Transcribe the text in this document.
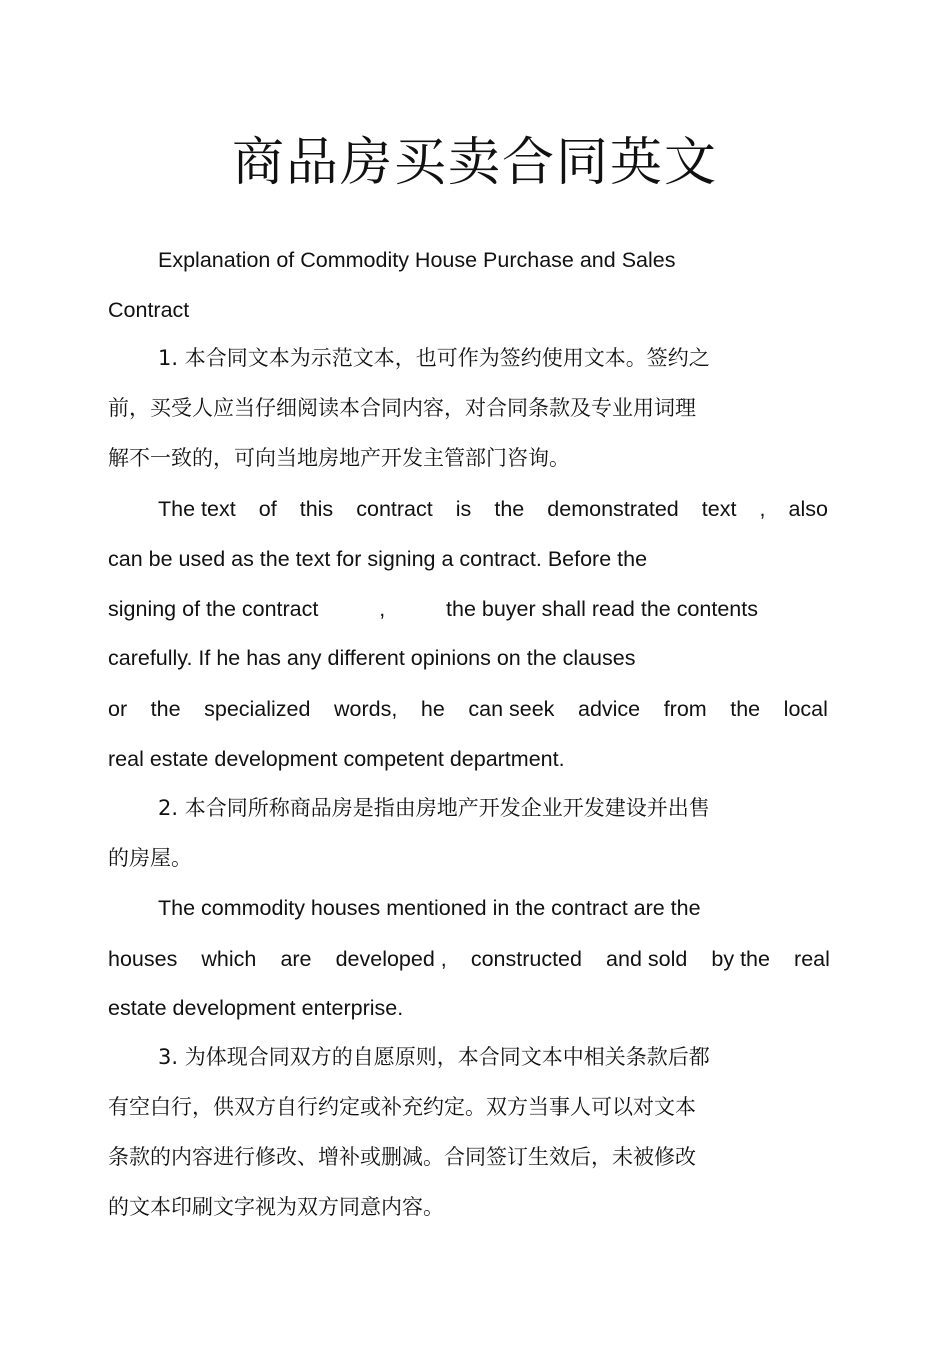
商品房买卖合同英文
Explanation of Commodity House Purchase and Sales
Contract
1. 本合同文本为示范文本，也可作为签约使用文本。签约之
前，买受人应当仔细阅读本合同内容，对合同条款及专业用词理
解不一致的，可向当地房地产开发主管部门咨询。
The text of this contract is the demonstrated text , also
can be used as the text for signing a contract. Before the
signing of the contract	,	the buyer shall read the contents
carefully. If he has any different opinions on the clauses
or the specialized words, he can seek advice from the local
real estate development competent department.
2. 本合同所称商品房是指由房地产开发企业开发建设并出售
的房屋。
The commodity houses mentioned in the contract are the
houses which are developed , constructed and sold by the real
estate development enterprise.
3. 为体现合同双方的自愿原则，本合同文本中相关条款后都
有空白行，供双方自行约定或补充约定。双方当事人可以对文本
条款的内容进行修改、增补或删减。合同签订生效后，未被修改
的文本印刷文字视为双方同意内容。
